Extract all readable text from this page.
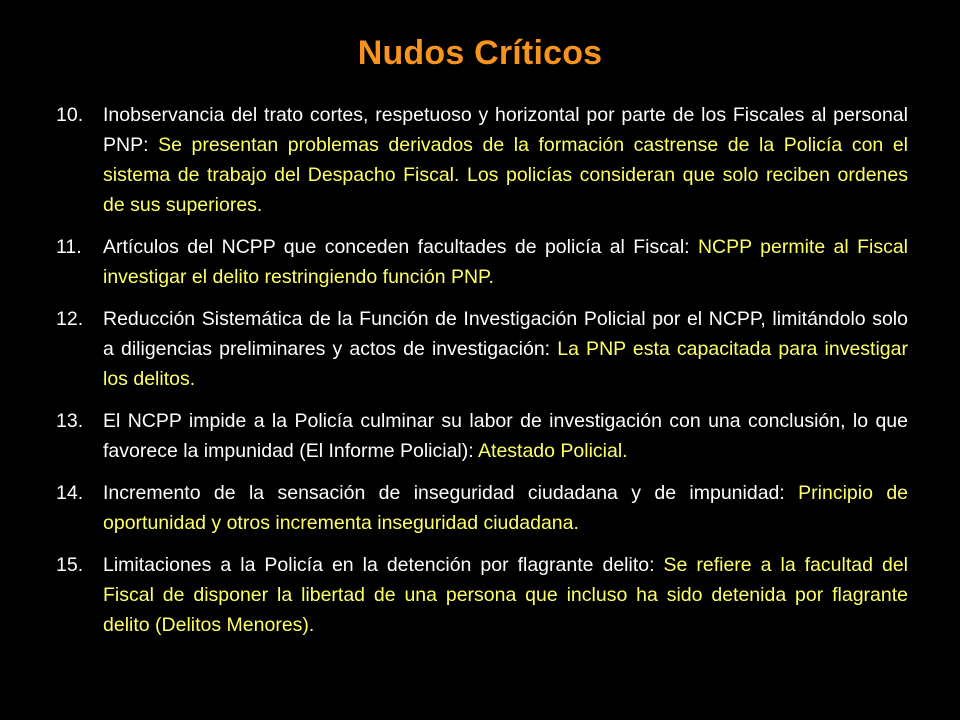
Nudos Críticos
10.	Inobservancia del trato cortes, respetuoso y horizontal por parte de los Fiscales al personal PNP: Se presentan problemas derivados de la formación castrense de la Policía con el sistema de trabajo del Despacho Fiscal. Los policías consideran que solo reciben ordenes de sus superiores.
11.	Artículos del NCPP que conceden facultades de policía al Fiscal: NCPP permite al Fiscal investigar el delito restringiendo función PNP.
12.	Reducción Sistemática de la Función de Investigación Policial por el NCPP, limitándolo solo a diligencias preliminares y actos de investigación: La PNP esta capacitada para investigar los delitos.
13.	El NCPP impide a la Policía culminar su labor de investigación con una conclusión, lo que favorece la impunidad (El Informe Policial): Atestado Policial.
14.	Incremento de la sensación de inseguridad ciudadana y de impunidad: Principio de oportunidad y otros incrementa inseguridad ciudadana.
15.	Limitaciones a la Policía en la detención por flagrante delito: Se refiere a la facultad del Fiscal de disponer la libertad de una persona que incluso ha sido detenida por flagrante delito (Delitos Menores).
